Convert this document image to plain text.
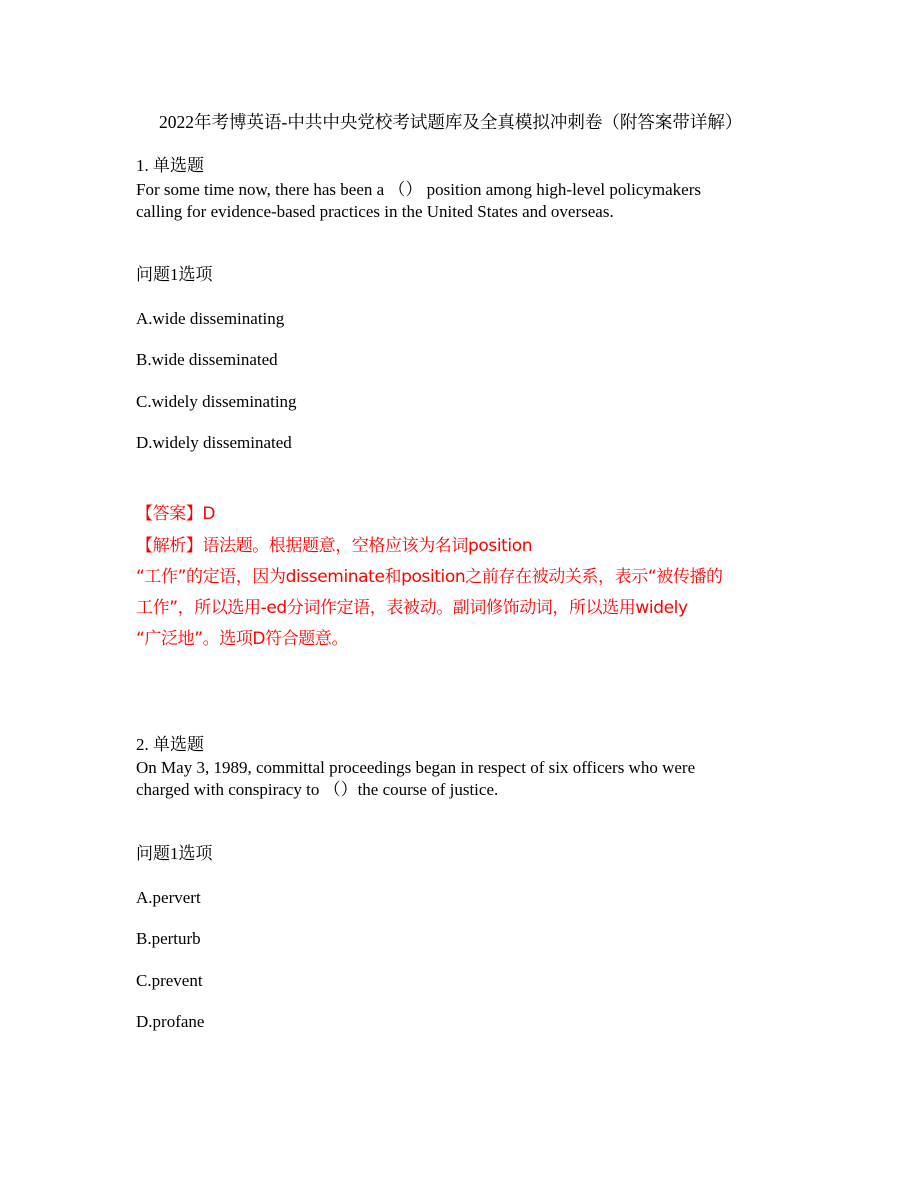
2022年考博英语-中共中央党校考试题库及全真模拟冲刺卷（附答案带详解）
1. 单选题
For some time now, there has been a （） position among high-level policymakers
calling for evidence-based practices in the United States and overseas.
问题1选项
A.wide disseminating
B.wide disseminated
C.widely disseminating
D.widely disseminated
【答案】D
【解析】语法题。根据题意，空格应该为名词position
“工作”的定语，因为disseminate和position之前存在被动关系，表示“被传播的
工作”，所以选用-ed分词作定语，表被动。副词修饰动词，所以选用widely
“广泛地”。选项D符合题意。
2. 单选题
On May 3, 1989, committal proceedings began in respect of six officers who were
charged with conspiracy to （）the course of justice.
问题1选项
A.pervert
B.perturb
C.prevent
D.profane
